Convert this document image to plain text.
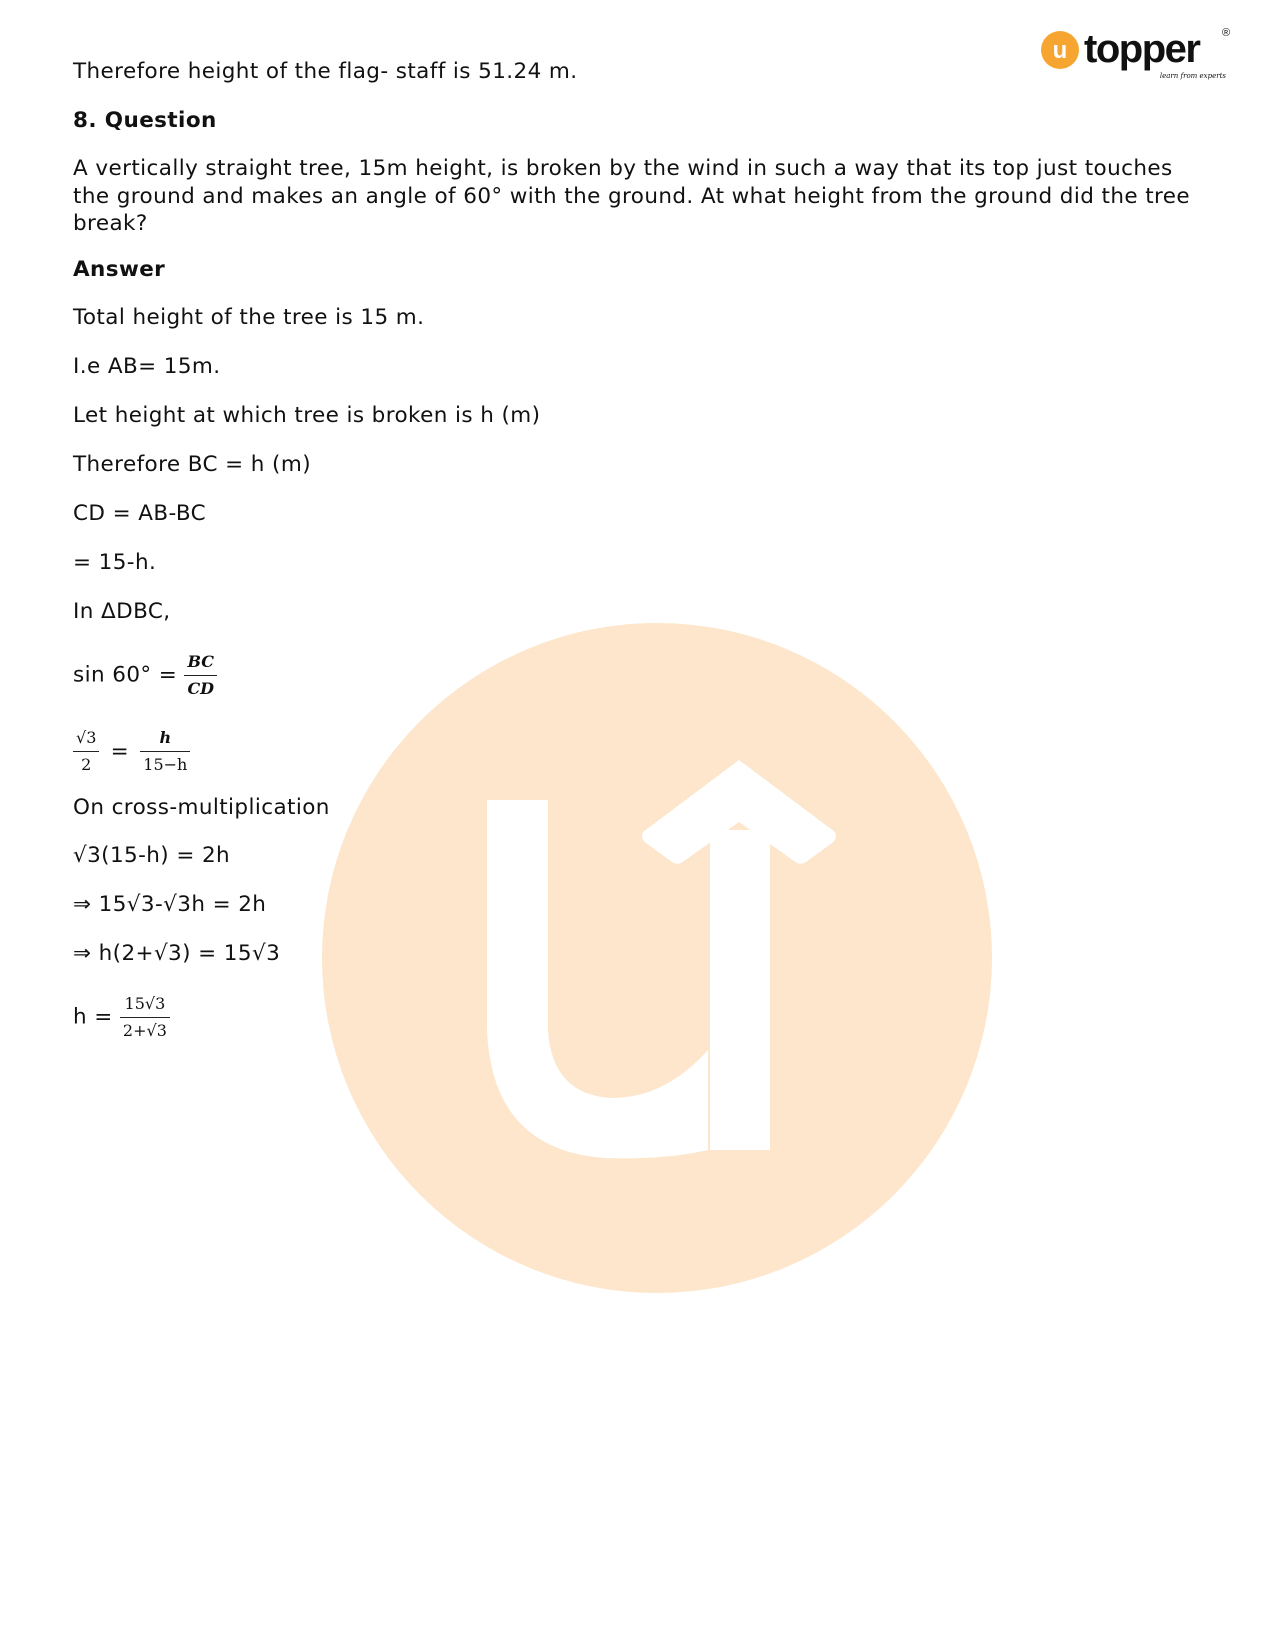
u topper ®
learn from experts
Therefore height of the flag- staff is 51.24 m.
8. Question
A vertically straight tree, 15m height, is broken by the wind in such a way that its top just touches the ground and makes an angle of 60° with the ground. At what height from the ground did the tree break?
Answer
Total height of the tree is 15 m.
I.e AB= 15m.
Let height at which tree is broken is h (m)
Therefore BC = h (m)
CD = AB-BC
= 15-h.
In ΔDBC,
$\sin 60^\circ = \frac{BC}{CD}$
$\frac{√3}{2} = \frac{h}{15-h}$
On cross-multiplication
√3(15-h) = 2h
⇒ 15√3-√3h = 2h
⇒ h(2+√3) = 15√3
$h = \frac{15√3}{2+√3}$
